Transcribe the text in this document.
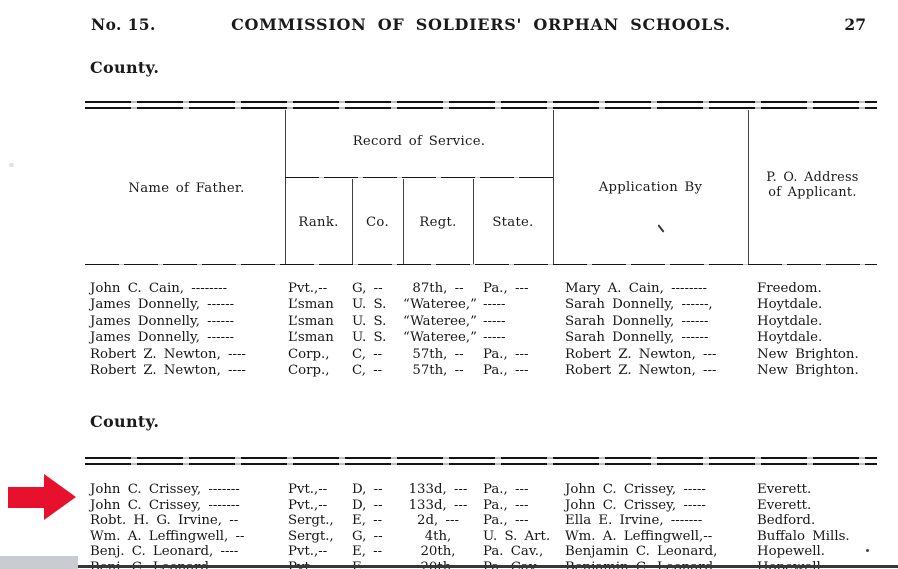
No. 15.	COMMISSION OF SOLDIERS' ORPHAN SCHOOLS.	27
County.
Name of Father.
Record of Service.
Rank.	Co.	Regt.	State.
Application By
P. O. Address
of Applicant.
John C. Cain, --------	Pvt.,--	G, --	87th, --	Pa., ---	Mary A. Cain, --------	Freedom.
James Donnelly, ------	L’sman	U. S.	“Wateree,” -----	Sarah Donnelly, ------,	Hoytdale.
James Donnelly, ------	L’sman	U. S.	“Wateree,” -----	Sarah Donnelly, ------	Hoytdale.
James Donnelly, ------	L’sman	U. S.	“Wateree,” -----	Sarah Donnelly, ------	Hoytdale.
Robert Z. Newton, ----	Corp.,	C, --	57th, --	Pa., ---	Robert Z. Newton, ---	New Brighton.
Robert Z. Newton, ----	Corp.,	C, --	57th, --	Pa., ---	Robert Z. Newton, ---	New Brighton.
County.
John C. Crissey, -------	Pvt.,--	D, --	133d, ---	Pa., ---	John C. Crissey, -----	Everett.
John C. Crissey, -------	Pvt.,--	D, --	133d, ---	Pa., ---	John C. Crissey, -----	Everett.
Robt. H. G. Irvine, --	Sergt.,	E, --	2d, ---	Pa., ---	Ella E. Irvine, -------	Bedford.
Wm. A. Leffingwell, --	Sergt.,	G, --	4th,	U. S. Art.	Wm. A. Leffingwell,--	Buffalo Mills.
Benj. C. Leonard, ----	Pvt.,--	E, --	20th,	Pa. Cav.,	Benjamin C. Leonard,	Hopewell.
